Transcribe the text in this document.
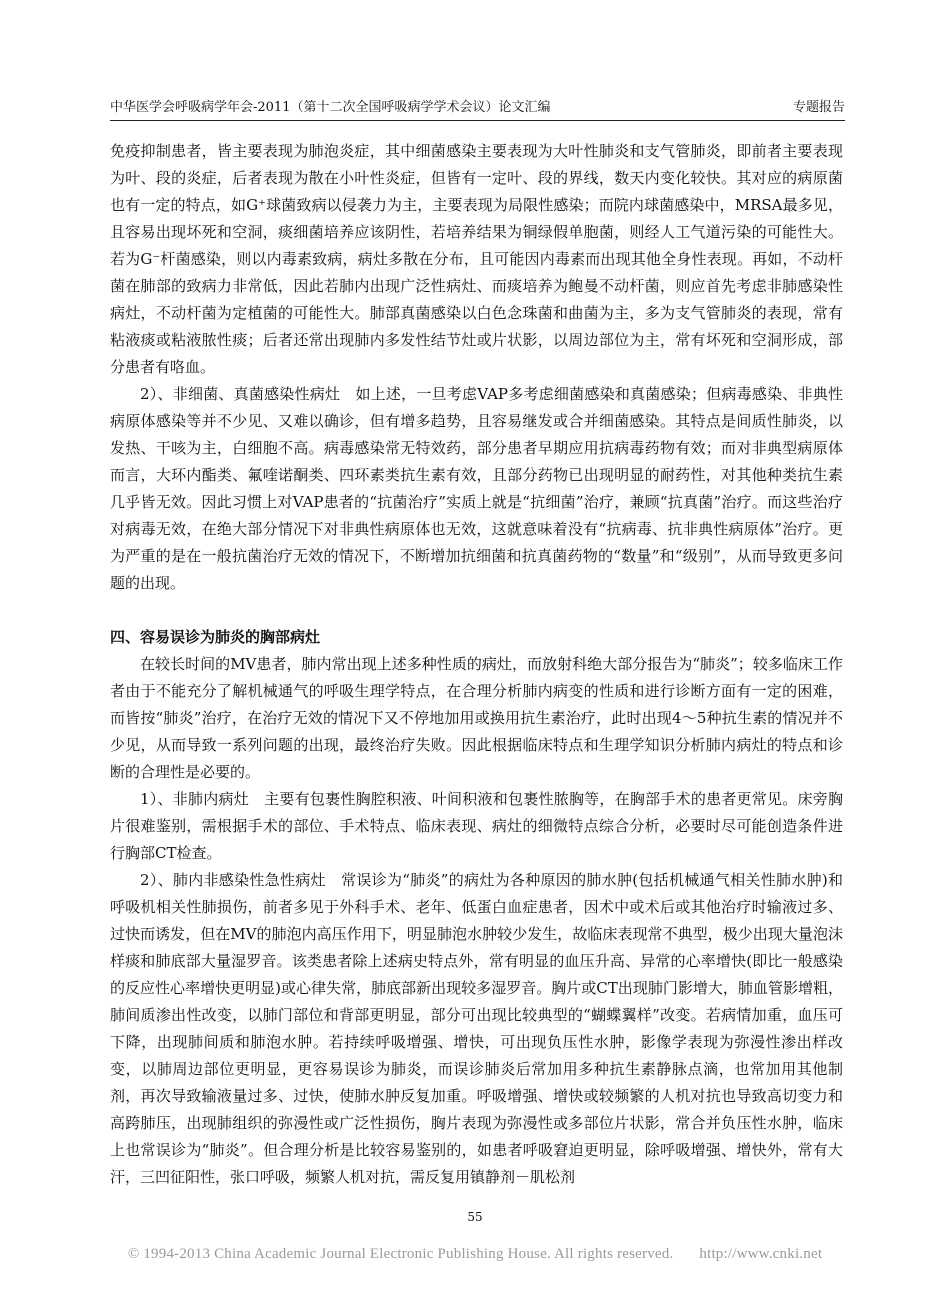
中华医学会呼吸病学年会-2011（第十二次全国呼吸病学学术会议）论文汇编	专题报告

免疫抑制患者，皆主要表现为肺泡炎症，其中细菌感染主要表现为大叶性肺炎和支气管肺炎，即前者主要表现为叶、段的炎症，后者表现为散在小叶性炎症，但皆有一定叶、段的界线，数天内变化较快。其对应的病原菌也有一定的特点，如G⁺球菌致病以侵袭力为主，主要表现为局限性感染；而院内球菌感染中，MRSA最多见，且容易出现坏死和空洞，痰细菌培养应该阴性，若培养结果为铜绿假单胞菌，则经人工气道污染的可能性大。若为G⁻杆菌感染，则以内毒素致病，病灶多散在分布，且可能因内毒素而出现其他全身性表现。再如，不动杆菌在肺部的致病力非常低，因此若肺内出现广泛性病灶、而痰培养为鲍曼不动杆菌，则应首先考虑非肺感染性病灶，不动杆菌为定植菌的可能性大。肺部真菌感染以白色念珠菌和曲菌为主，多为支气管肺炎的表现，常有粘液痰或粘液脓性痰；后者还常出现肺内多发性结节灶或片状影，以周边部位为主，常有坏死和空洞形成，部分患者有咯血。

2）、非细菌、真菌感染性病灶　如上述，一旦考虑VAP多考虑细菌感染和真菌感染；但病毒感染、非典性病原体感染等并不少见、又难以确诊，但有增多趋势，且容易继发或合并细菌感染。其特点是间质性肺炎，以发热、干咳为主，白细胞不高。病毒感染常无特效药，部分患者早期应用抗病毒药物有效；而对非典型病原体而言，大环内酯类、氟喹诺酮类、四环素类抗生素有效，且部分药物已出现明显的耐药性，对其他种类抗生素几乎皆无效。因此习惯上对VAP患者的“抗菌治疗”实质上就是“抗细菌”治疗，兼顾“抗真菌”治疗。而这些治疗对病毒无效，在绝大部分情况下对非典性病原体也无效，这就意味着没有“抗病毒、抗非典性病原体”治疗。更为严重的是在一般抗菌治疗无效的情况下，不断增加抗细菌和抗真菌药物的“数量”和“级别”，从而导致更多问题的出现。

四、容易误诊为肺炎的胸部病灶

在较长时间的MV患者，肺内常出现上述多种性质的病灶，而放射科绝大部分报告为“肺炎”；较多临床工作者由于不能充分了解机械通气的呼吸生理学特点，在合理分析肺内病变的性质和进行诊断方面有一定的困难，而皆按“肺炎”治疗，在治疗无效的情况下又不停地加用或换用抗生素治疗，此时出现4～5种抗生素的情况并不少见，从而导致一系列问题的出现，最终治疗失败。因此根据临床特点和生理学知识分析肺内病灶的特点和诊断的合理性是必要的。

1）、非肺内病灶　主要有包裹性胸腔积液、叶间积液和包裹性脓胸等，在胸部手术的患者更常见。床旁胸片很难鉴别，需根据手术的部位、手术特点、临床表现、病灶的细微特点综合分析，必要时尽可能创造条件进行胸部CT检查。

2）、肺内非感染性急性病灶　常误诊为“肺炎”的病灶为各种原因的肺水肿(包括机械通气相关性肺水肿)和呼吸机相关性肺损伤，前者多见于外科手术、老年、低蛋白血症患者，因术中或术后或其他治疗时输液过多、过快而诱发，但在MV的肺泡内高压作用下，明显肺泡水肿较少发生，故临床表现常不典型，极少出现大量泡沫样痰和肺底部大量湿罗音。该类患者除上述病史特点外，常有明显的血压升高、异常的心率增快(即比一般感染的反应性心率增快更明显)或心律失常，肺底部新出现较多湿罗音。胸片或CT出现肺门影增大，肺血管影增粗，肺间质渗出性改变，以肺门部位和背部更明显，部分可出现比较典型的“蝴蝶翼样”改变。若病情加重，血压可下降，出现肺间质和肺泡水肿。若持续呼吸增强、增快，可出现负压性水肿，影像学表现为弥漫性渗出样改变，以肺周边部位更明显，更容易误诊为肺炎，而误诊肺炎后常加用多种抗生素静脉点滴，也常加用其他制剂，再次导致输液量过多、过快，使肺水肿反复加重。呼吸增强、增快或较频繁的人机对抗也导致高切变力和高跨肺压，出现肺组织的弥漫性或广泛性损伤，胸片表现为弥漫性或多部位片状影，常合并负压性水肿，临床上也常误诊为“肺炎”。但合理分析是比较容易鉴别的，如患者呼吸窘迫更明显，除呼吸增强、增快外，常有大汗，三凹征阳性，张口呼吸，频繁人机对抗，需反复用镇静剂－肌松剂

55
© 1994-2013 China Academic Journal Electronic Publishing House. All rights reserved. http://www.cnki.net
